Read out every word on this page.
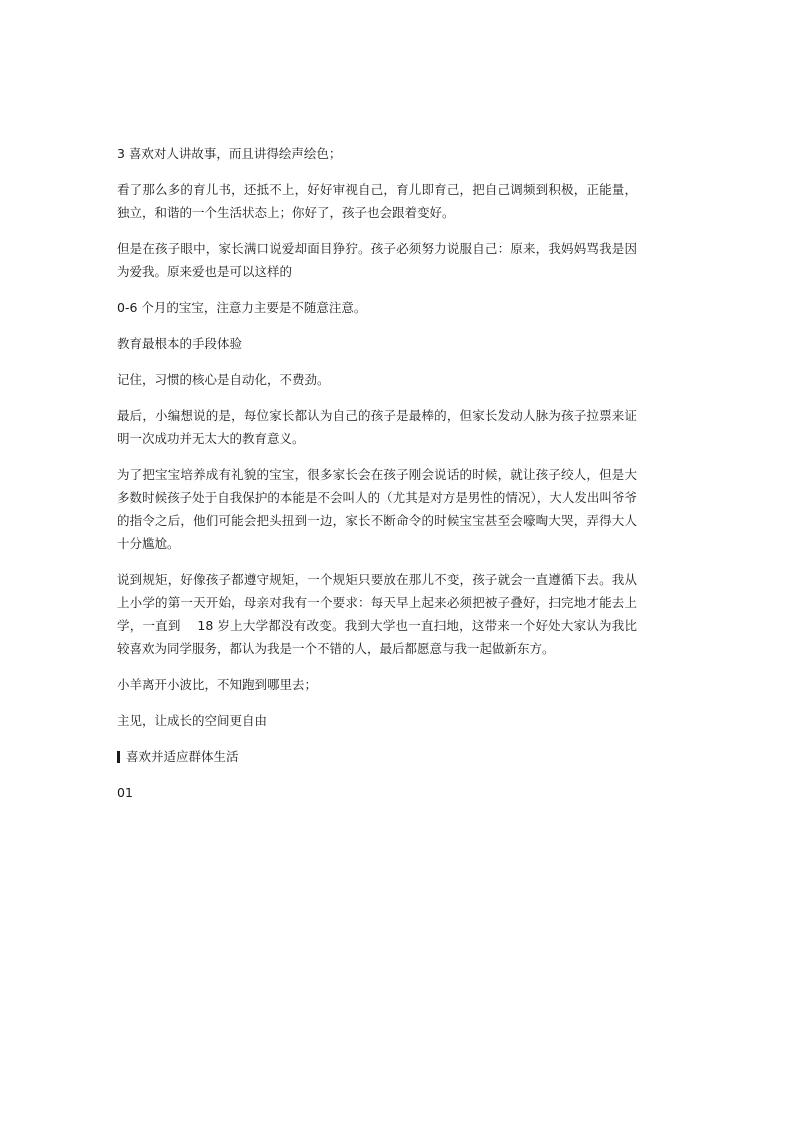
3 喜欢对人讲故事，而且讲得绘声绘色；

看了那么多的育儿书，还抵不上，好好审视自己，育儿即育己，把自己调频到积极，正能量，独立，和谐的一个生活状态上；你好了，孩子也会跟着变好。

但是在孩子眼中，家长满口说爱却面目狰狞。孩子必须努力说服自己：原来，我妈妈骂我是因为爱我。原来爱也是可以这样的

0-6 个月的宝宝，注意力主要是不随意注意。

教育最根本的手段体验

记住，习惯的核心是自动化，不费劲。

最后，小编想说的是，每位家长都认为自己的孩子是最棒的，但家长发动人脉为孩子拉票来证明一次成功并无太大的教育意义。

为了把宝宝培养成有礼貌的宝宝，很多家长会在孩子刚会说话的时候，就让孩子绞人，但是大多数时候孩子处于自我保护的本能是不会叫人的（尤其是对方是男性的情况），大人发出叫爷爷的指令之后，他们可能会把头扭到一边，家长不断命令的时候宝宝甚至会嚎啕大哭，弄得大人十分尴尬。

说到规矩，好像孩子都遵守规矩，一个规矩只要放在那儿不变，孩子就会一直遵循下去。我从上小学的第一天开始，母亲对我有一个要求：每天早上起来必须把被子叠好，扫完地才能去上学，一直到    18 岁上大学都没有改变。我到大学也一直扫地，这带来一个好处大家认为我比较喜欢为同学服务，都认为我是一个不错的人，最后都愿意与我一起做新东方。

小羊离开小波比，不知跑到哪里去；

主见，让成长的空间更自由

喜欢并适应群体生活

01
